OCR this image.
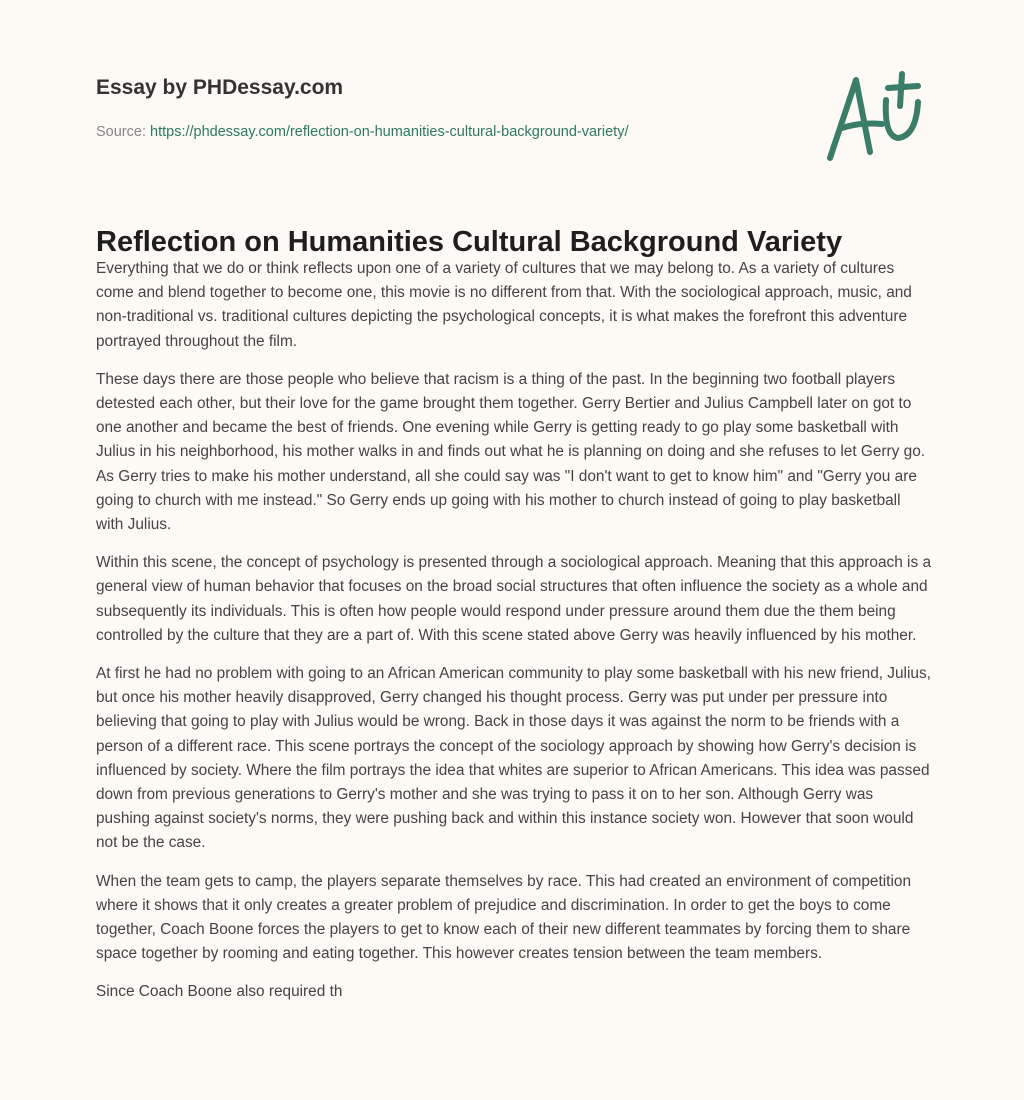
Essay by PHDessay.com
Source: https://phdessay.com/reflection-on-humanities-cultural-background-variety/
Reflection on Humanities Cultural Background Variety

Everything that we do or think reflects upon one of a variety of cultures that we may belong to. As a variety of cultures come and blend together to become one, this movie is no different from that. With the sociological approach, music, and non-traditional vs. traditional cultures depicting the psychological concepts, it is what makes the forefront this adventure portrayed throughout the film.

These days there are those people who believe that racism is a thing of the past. In the beginning two football players detested each other, but their love for the game brought them together. Gerry Bertier and Julius Campbell later on got to one another and became the best of friends. One evening while Gerry is getting ready to go play some basketball with Julius in his neighborhood, his mother walks in and finds out what he is planning on doing and she refuses to let Gerry go. As Gerry tries to make his mother understand, all she could say was "I don't want to get to know him" and "Gerry you are going to church with me instead." So Gerry ends up going with his mother to church instead of going to play basketball with Julius.

Within this scene, the concept of psychology is presented through a sociological approach. Meaning that this approach is a general view of human behavior that focuses on the broad social structures that often influence the society as a whole and subsequently its individuals. This is often how people would respond under pressure around them due the them being controlled by the culture that they are a part of. With this scene stated above Gerry was heavily influenced by his mother.

At first he had no problem with going to an African American community to play some basketball with his new friend, Julius, but once his mother heavily disapproved, Gerry changed his thought process. Gerry was put under per pressure into believing that going to play with Julius would be wrong. Back in those days it was against the norm to be friends with a person of a different race. This scene portrays the concept of the sociology approach by showing how Gerry's decision is influenced by society. Where the film portrays the idea that whites are superior to African Americans. This idea was passed down from previous generations to Gerry's mother and she was trying to pass it on to her son. Although Gerry was pushing against society's norms, they were pushing back and within this instance society won. However that soon would not be the case.

When the team gets to camp, the players separate themselves by race. This had created an environment of competition where it shows that it only creates a greater problem of prejudice and discrimination. In order to get the boys to come together, Coach Boone forces the players to get to know each of their new different teammates by forcing them to share space together by rooming and eating together. This however creates tension between the team members.

Since Coach Boone also required th
